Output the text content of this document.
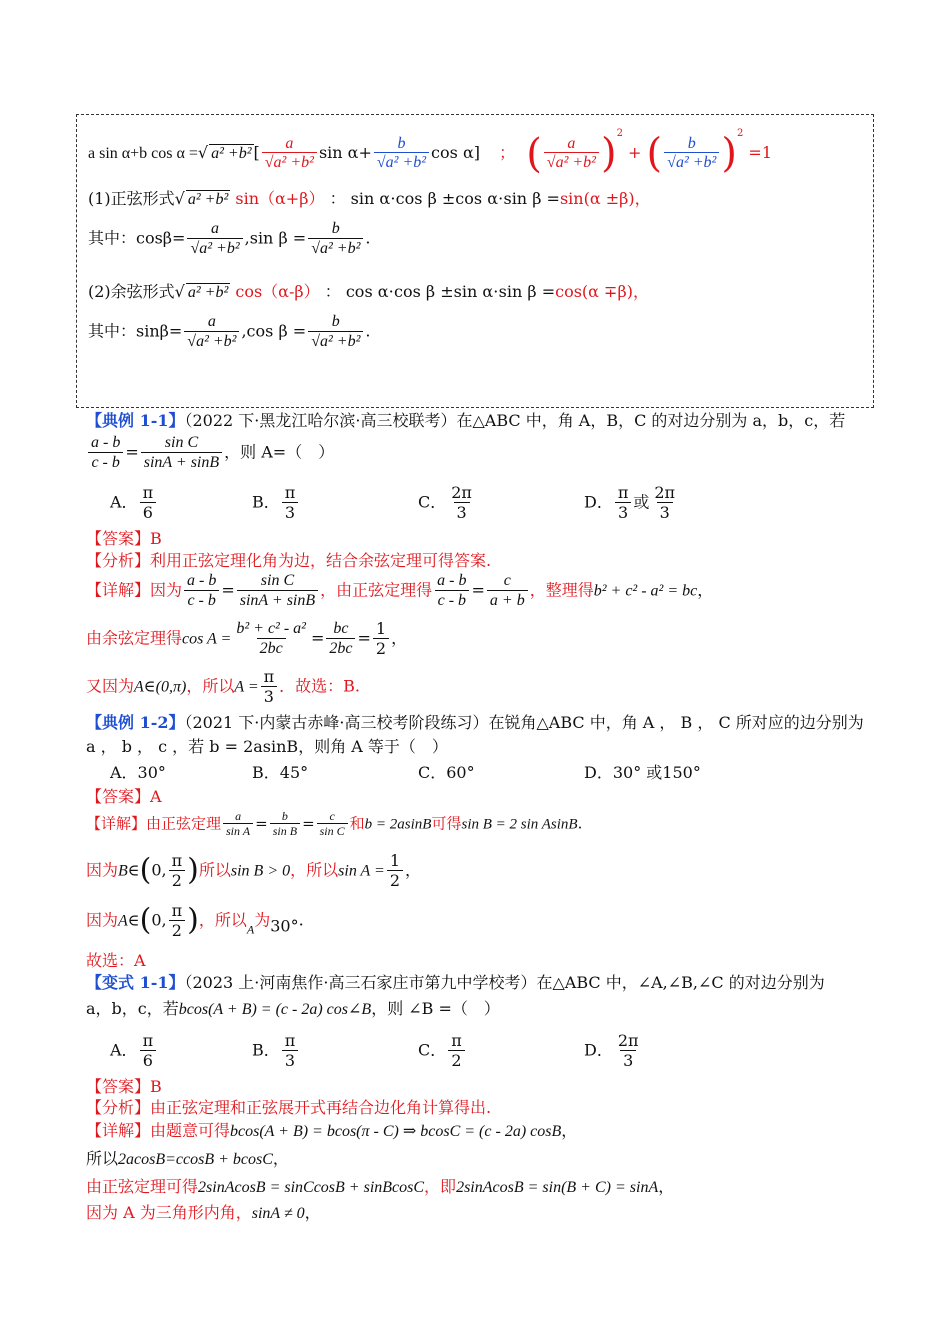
a sin α+b cos α =√ a² +b² [ $\frac{a}{\text{√a² +b²}}$ $\sin \alpha+ \frac{b}{\text{√a² +b²}}$ cos α] ； ( $\frac{a}{\text{√a² +b²}} )^2$ + ( $\frac{b}{\text{√a² +b²}} )^2 =1$
(1)正弦形式√ a² +b² sin（α+β） ： sin α⋅cos β ±cos α⋅sin β =sin(α ±β)，
其中：$\cos\beta= \frac{a}{\text{√a² +b²}} ,\sin$ $\beta = \frac{b}{\text{√a² +b²}}$ .
(2)余弦形式√ a² +b² cos（α-β） ： cos α⋅cos β ±sin α⋅sin β =cos(α ∓β)，
其中：$\sin\beta= \frac{a}{\text{√a² +b²}} ,\cos$ $\beta = \frac{b}{\text{√a² +b²}}$ .
【典例 1-1】（2022 下·黑龙江哈尔滨·高三校联考）在△ABC 中，角 A，B，C 的对边分别为 a，b，c，若
$\frac{a - b}{c - b} = \frac{\text{sin C}}{\sin A + \sin B}$ ，则 A=（　）
A． $\frac{\pi}{6}$	B． $\frac{\pi}{3}$	C． $\frac{2\pi}{3}$	D． $\frac{\pi}{3}$ 或 $\frac{2\pi}{3}$
【答案】B
【分析】利用正弦定理化角为边，结合余弦定理可得答案.
【详解】因为 $\frac{a - b}{c - b} = \frac{\text{sin C}}{\sin A + \sin B}$ ，由正弦定理得 $\frac{a - b}{c - b} = \frac{c}{a + b}$ ，整理得b² + c² - a² = bc，
由余弦定理得$\cos A = \frac{\text{b² + c² - a²}}{2bc} = \frac{bc}{2bc} = \frac{1}{2}$ ，
又因为A∈(0,π)，所以$A = \frac{\pi}{3}$ ．故选：B.
【典例 1-2】（2021 下·内蒙古赤峰·高三校考阶段练习）在锐角△ABC 中，角 A ， B ， C 所对应的边分别为
a ， b ， c ，若 b = 2asinB，则角 A 等于（　）
A．30°	B．45°	C．60°	D．30° 或150°
【答案】A
【详解】由正弦定理 $\frac{a}{\text{sin A}} = \frac{b}{\text{sin B}} = \frac{c}{\text{sin C}}$ 和b = 2asinB可得sin B = 2 sin AsinB.
因为B∈(0, $\frac{\pi}{2}$ )所以sin B > 0，所以$\sin A = \frac{1}{2}$ ，
因为A∈(0, $\frac{\pi}{2}$ )，所以$_A$为30°.
故选：A
【变式 1-1】（2023 上·河南焦作·高三石家庄市第九中学校考）在△ABC 中，∠A,∠B,∠C 的对边分别为
a，b，c，若bcos(A + B) = (c - 2a) cos∠B，则 ∠B =（　）
A． $\frac{\pi}{6}$	B． $\frac{\pi}{3}$	C． $\frac{\pi}{2}$	D． $\frac{2\pi}{3}$
【答案】B
【分析】由正弦定理和正弦展开式再结合边化角计算得出.
【详解】由题意可得bcos(A + B) = bcos(π - C) ⇒ bcosC = (c - 2a) cosB，
所以2acosB=ccosB + bcosC，
由正弦定理可得2sinAcosB = sinCcosB + sinBcosC，即2sinAcosB = sin(B + C) = sinA，
因为 A 为三角形内角，sinA ≠ 0，
